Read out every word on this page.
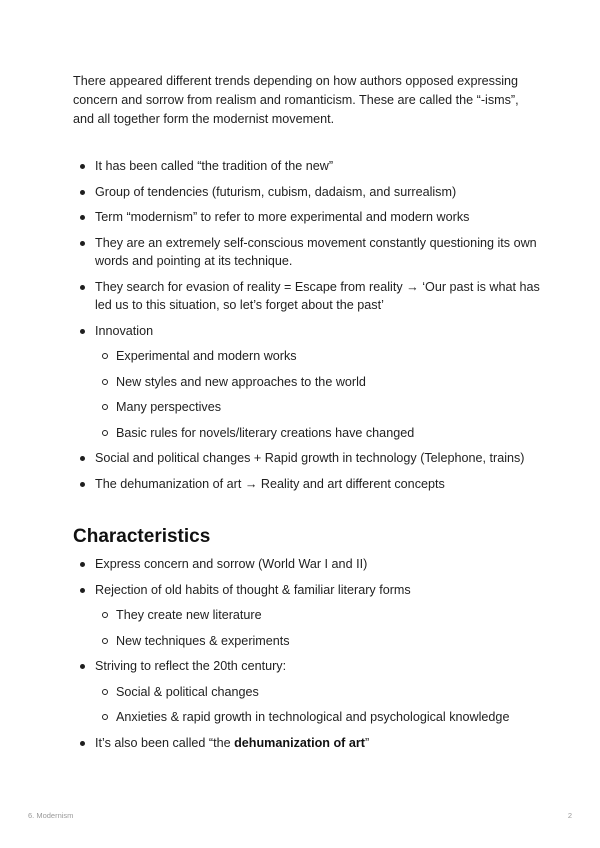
There appeared different trends depending on how authors opposed expressing concern and sorrow from realism and romanticism. These are called the “-isms”, and all together form the modernist movement.

It has been called “the tradition of the new”
Group of tendencies (futurism, cubism, dadaism, and surrealism)
Term “modernism” to refer to more experimental and modern works
They are an extremely self-conscious movement constantly questioning its own words and pointing at its technique.
They search for evasion of reality = Escape from reality → ‘Our past is what has led us to this situation, so let’s forget about the past’
Innovation
Experimental and modern works
New styles and new approaches to the world
Many perspectives
Basic rules for novels/literary creations have changed
Social and political changes + Rapid growth in technology (Telephone, trains)
The dehumanization of art → Reality and art different concepts
Characteristics
Express concern and sorrow (World War I and II)
Rejection of old habits of thought & familiar literary forms
They create new literature
New techniques & experiments
Striving to reflect the 20th century:
Social & political changes
Anxieties & rapid growth in technological and psychological knowledge
It’s also been called “the dehumanization of art”
6. Modernism	2
